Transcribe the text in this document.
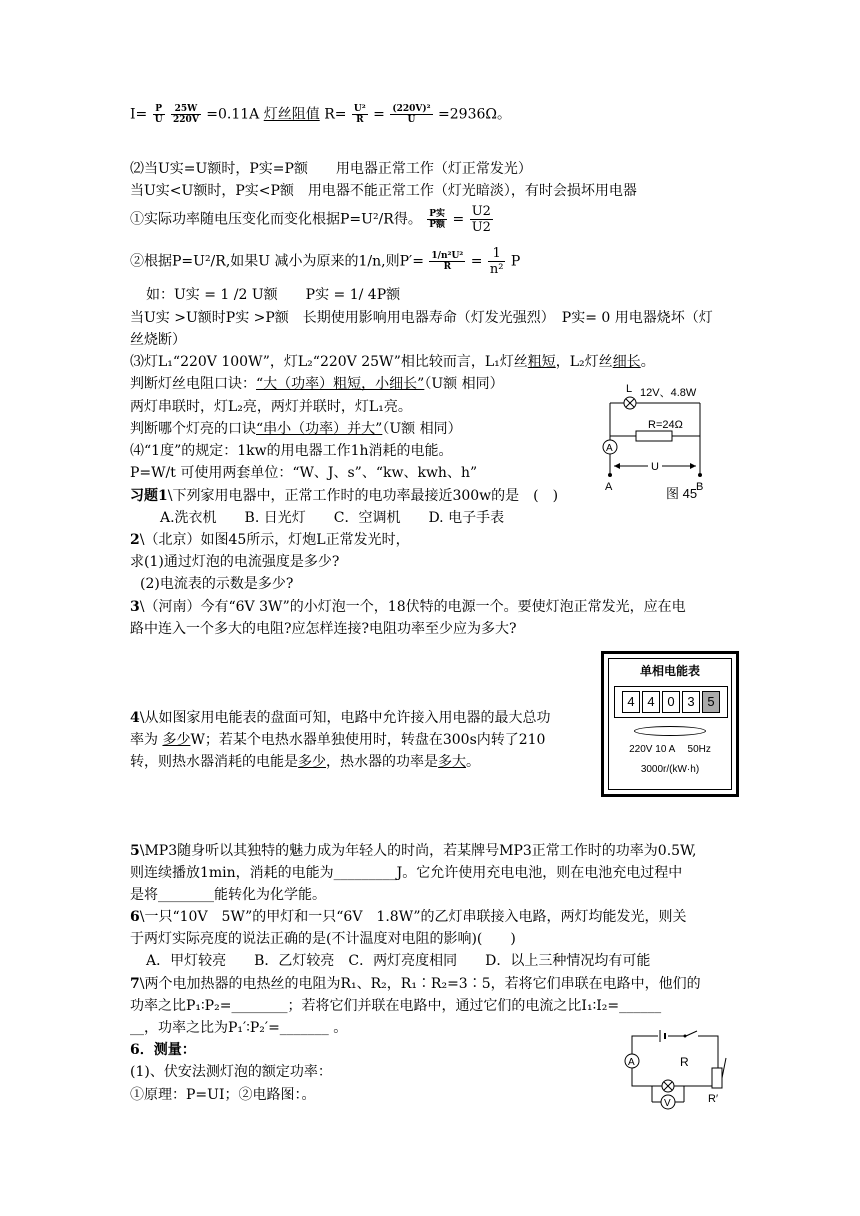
$I= \frac{P}{U}$
$\frac{25W}{220V} =0.11A$ 灯丝阻值 $R= \frac{\text{U²}}{R} = \frac{\text{(220V)²}}{U} =2936\Omega$。
⑵当U实=U额时，P实=P额　　用电器正常工作（灯正常发光）
当U实<U额时，P实<P额　用电器不能正常工作（灯光暗淡），有时会损坏用电器
①实际功率随电压变化而变化根据P=U²/R得。 $\frac{\text{P实}}{\text{P额}} = \frac{U2}{U2}$
②根据P=U²/R,如果U 减小为原来的1/n,则$P'= \frac{\text{1/n²U²}}{R} = \frac{1}{\text{n²}}$ P
如：U实 = 1 /2 U额　　P实 = 1/ 4P额
当U实 >U额时P实 >P额　长期使用影响用电器寿命（灯发光强烈）　P实= 0 用电器烧坏（灯
丝烧断）
⑶灯L₁“220V 100W”，灯L₂“220V 25W”相比较而言，L₁灯丝粗短，L₂灯丝细长。
判断灯丝电阻口诀：“大（功率）粗短，小细长”（U额 相同）
两灯串联时，灯L₂亮，两灯并联时，灯L₁亮。
判断哪个灯亮的口诀“串小（功率）并大”（U额 相同）
⑷“1度”的规定：1kw的用电器工作1h消耗的电能。
P=W/t 可使用两套单位：“W、J、s”、“kw、kwh、h”
习题1\下列家用电器中，正常工作时的电功率最接近300w的是　(　)
A.洗衣机　　B. 日光灯　　C．空调机　　D. 电子手表
2\（北京）如图45所示，灯炮L正常发光时，
求(1)通过灯泡的电流强度是多少?
(2)电流表的示数是多少?
3\（河南）今有“6V 3W”的小灯泡一个，18伏特的电源一个。要使灯泡正常发光，应在电
路中连入一个多大的电阻?应怎样连接?电阻功率至少应为多大?
4\从如图家用电能表的盘面可知，电路中允许接入用电器的最大总功
率为 多少W；若某个电热水器单独使用时，转盘在300s内转了210
转，则热水器消耗的电能是多少，热水器的功率是多大。
5\MP3随身听以其独特的魅力成为年轻人的时尚，若某牌号MP3正常工作时的功率为0.5W,
则连续播放1min，消耗的电能为_________J。它允许使用充电电池，则在电池充电过程中
是将________能转化为化学能。
6\一只“10V　5W”的甲灯和一只“6V　1.8W”的乙灯串联接入电路，两灯均能发光，则关
于两灯实际亮度的说法正确的是(不计温度对电阻的影响)(　　)
A．甲灯较亮　　B．乙灯较亮　C．两灯亮度相同　　D．以上三种情况均有可能
7\两个电加热器的电热丝的电阻为R₁、R₂，R₁∶R₂=3∶5，若将它们串联在电路中，他们的
功率之比P₁∶P₂=________；若将它们并联在电路中，通过它们的电流之比I₁∶I₂=______
__，功率之比为P₁′∶P₂′=_______ 。
6．测量：
(1)、伏安法测灯泡的额定功率：
①原理：P=UI；②电路图：。
L 12V、4.8W
R=24Ω
A
U
A	B
图 45
单相电能表
4 4 0 3 5
220V 10 A　 50Hz
3000r/(kW·h)
A	R
R′
V
